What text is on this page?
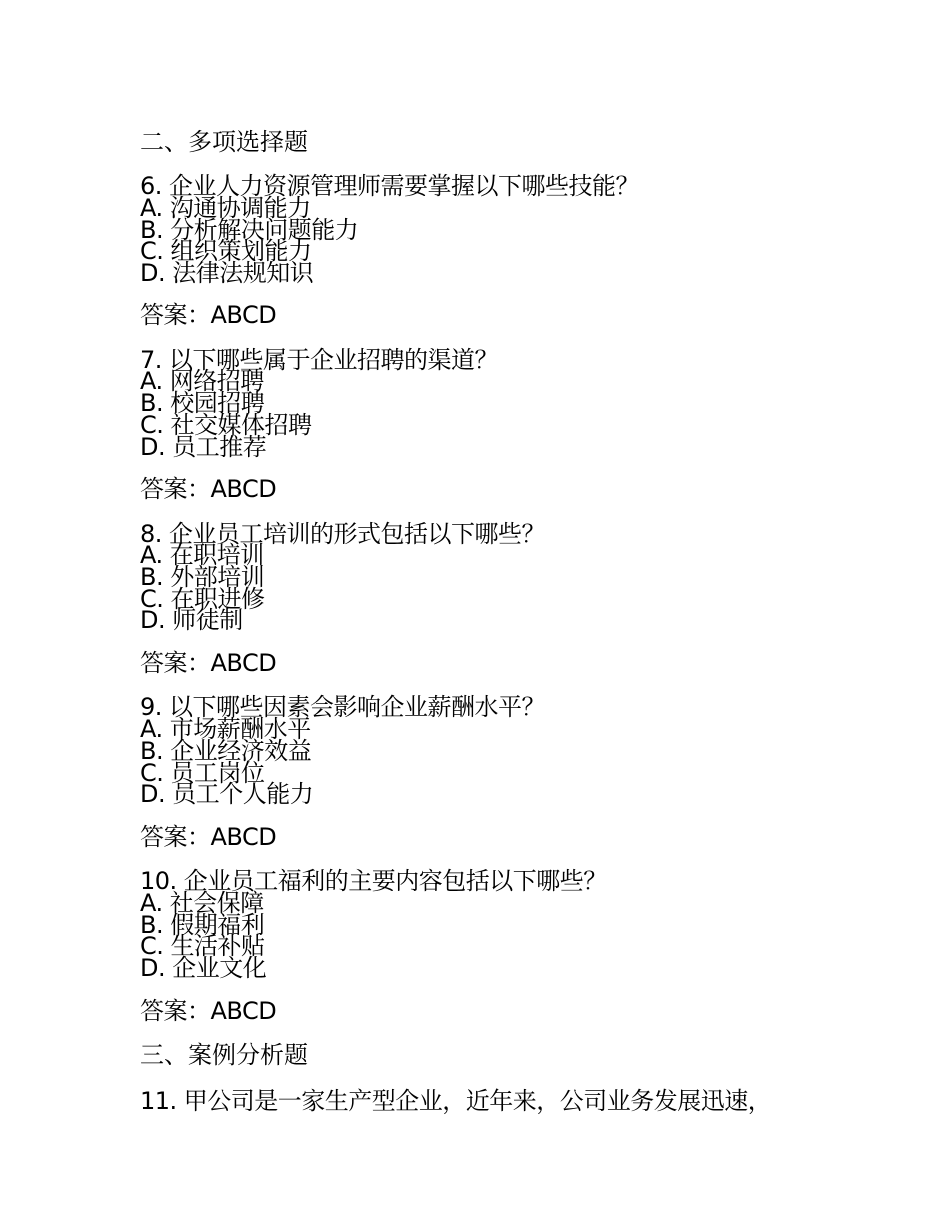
二、多项选择题
6. 企业人力资源管理师需要掌握以下哪些技能？
A. 沟通协调能力
B. 分析解决问题能力
C. 组织策划能力
D. 法律法规知识
答案：ABCD
7. 以下哪些属于企业招聘的渠道？
A. 网络招聘
B. 校园招聘
C. 社交媒体招聘
D. 员工推荐
答案：ABCD
8. 企业员工培训的形式包括以下哪些？
A. 在职培训
B. 外部培训
C. 在职进修
D. 师徒制
答案：ABCD
9. 以下哪些因素会影响企业薪酬水平？
A. 市场薪酬水平
B. 企业经济效益
C. 员工岗位
D. 员工个人能力
答案：ABCD
10. 企业员工福利的主要内容包括以下哪些？
A. 社会保障
B. 假期福利
C. 生活补贴
D. 企业文化
答案：ABCD
三、案例分析题
11. 甲公司是一家生产型企业，近年来，公司业务发展迅速，
